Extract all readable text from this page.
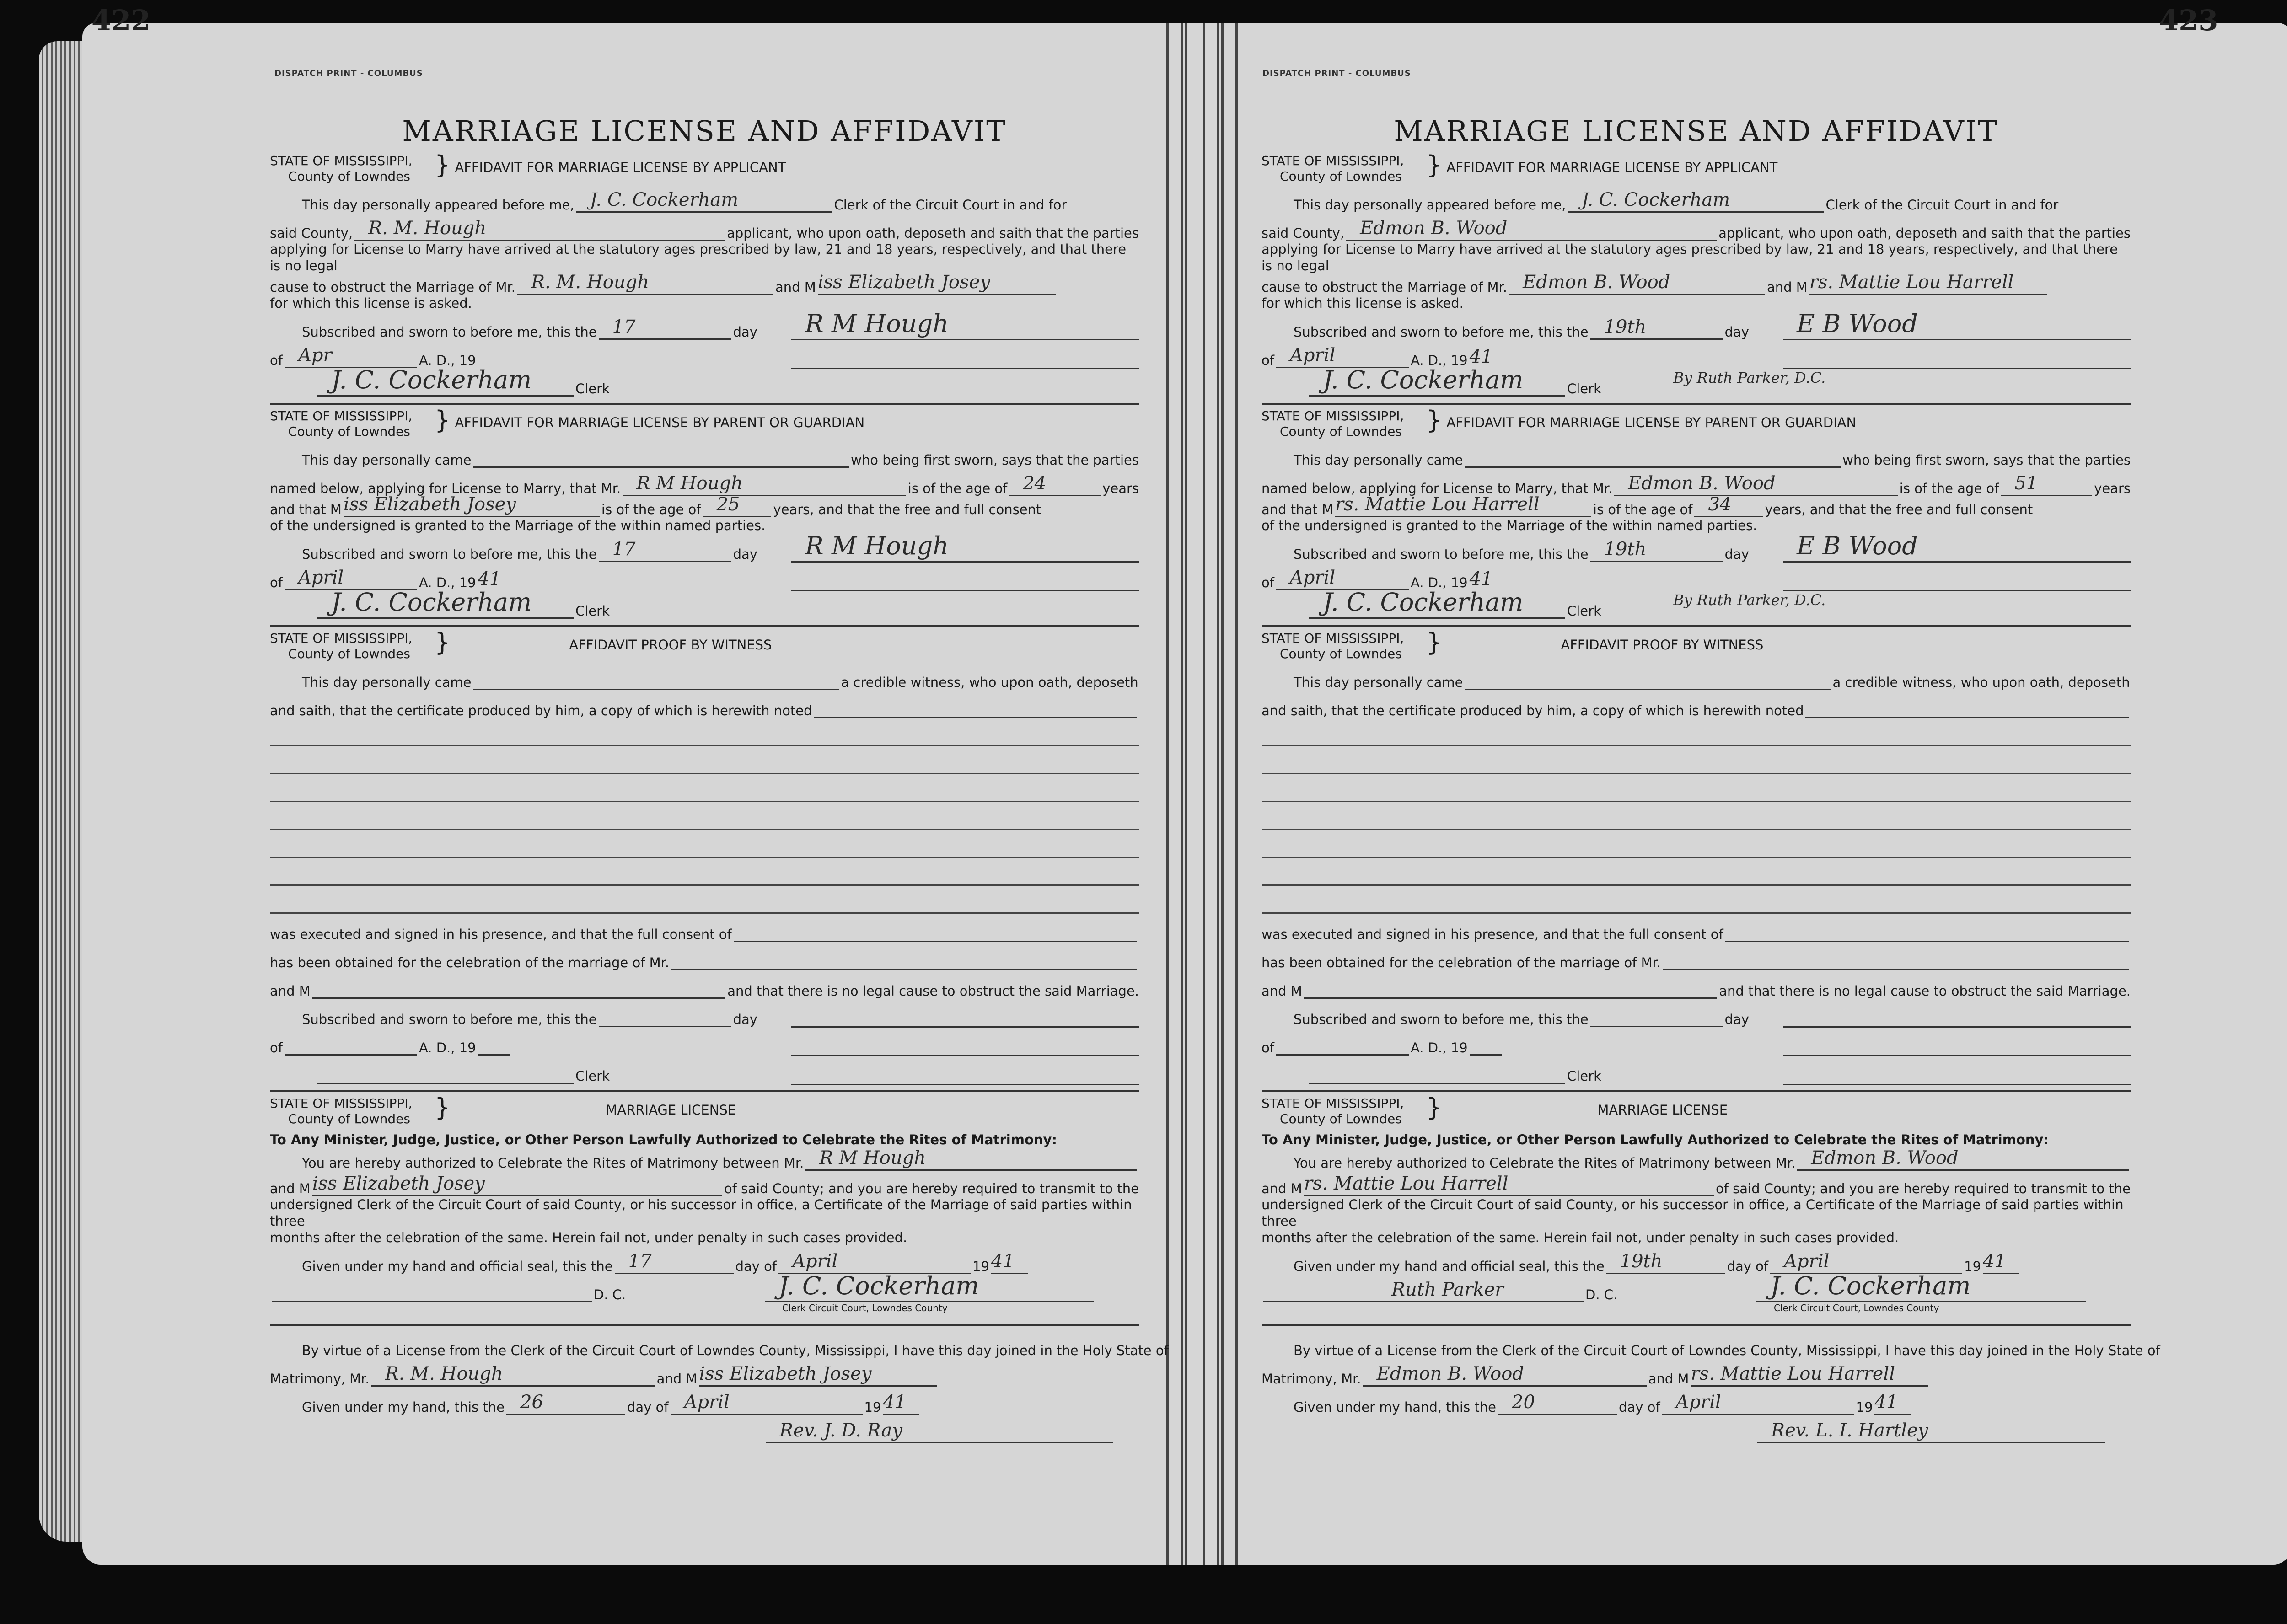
DISPATCH PRINT - COLUMBUS
MARRIAGE LICENSE AND AFFIDAVIT
STATE OF MISSISSIPPI,
County of Lowndes } AFFIDAVIT FOR MARRIAGE LICENSE BY APPLICANT
This day personally appeared before me, J. C. Cockerham	Clerk of the Circuit Court in and for
said County, R. M. Hough	applicant, who upon oath, deposeth and saith that the parties
applying for License to Marry have arrived at the statutory ages prescribed by law, 21 and 18 years, respectively, and that there is no legal
cause to obstruct the Marriage of Mr. R. M. Hough	and M iss Elizabeth Josey
for which this license is asked.
Subscribed and sworn to before me, this the 17	day
of Apr	A. D., 19
J. C. Cockerham	Clerk
R M Hough
STATE OF MISSISSIPPI,
County of Lowndes } AFFIDAVIT FOR MARRIAGE LICENSE BY PARENT OR GUARDIAN
This day personally came	who being first sworn, says that the parties
named below, applying for License to Marry, that Mr. R M Hough	is of the age of 24	years
and that M iss Elizabeth Josey	is of the age of 25	years, and that the free and full consent
of the undersigned is granted to the Marriage of the within named parties.
Subscribed and sworn to before me, this the 17	day
of April	A. D., 19 41
J. C. Cockerham	Clerk
R M Hough
STATE OF MISSISSIPPI,
County of Lowndes }	AFFIDAVIT PROOF BY WITNESS
This day personally came	a credible witness, who upon oath, deposeth
and saith, that the certificate produced by him, a copy of which is herewith noted
was executed and signed in his presence, and that the full consent of
has been obtained for the celebration of the marriage of Mr.
and M	and that there is no legal cause to obstruct the said Marriage.
Subscribed and sworn to before me, this the	day
of	A. D., 19
Clerk
STATE OF MISSISSIPPI,
County of Lowndes }	MARRIAGE LICENSE
To Any Minister, Judge, Justice, or Other Person Lawfully Authorized to Celebrate the Rites of Matrimony:
You are hereby authorized to Celebrate the Rites of Matrimony between Mr. R M Hough
and M iss Elizabeth Josey	of said County; and you are hereby required to transmit to the
undersigned Clerk of the Circuit Court of said County, or his successor in office, a Certificate of the Marriage of said parties within three
months after the celebration of the same. Herein fail not, under penalty in such cases provided.
Given under my hand and official seal, this the 17	day of April	19 41
D. C.	J. C. Cockerham
Clerk Circuit Court, Lowndes County
By virtue of a License from the Clerk of the Circuit Court of Lowndes County, Mississippi, I have this day joined in the Holy State of
Matrimony, Mr. R. M. Hough	and M iss Elizabeth Josey
Given under my hand, this the 26	day of April	19 41
Rev. J. D. Ray
DISPATCH PRINT - COLUMBUS
MARRIAGE LICENSE AND AFFIDAVIT
STATE OF MISSISSIPPI,
County of Lowndes } AFFIDAVIT FOR MARRIAGE LICENSE BY APPLICANT
This day personally appeared before me, J. C. Cockerham	Clerk of the Circuit Court in and for
said County, Edmon B. Wood	applicant, who upon oath, deposeth and saith that the parties
applying for License to Marry have arrived at the statutory ages prescribed by law, 21 and 18 years, respectively, and that there is no legal
cause to obstruct the Marriage of Mr. Edmon B. Wood	and M rs. Mattie Lou Harrell
for which this license is asked.
Subscribed and sworn to before me, this the 19th	day
of April	A. D., 19 41
J. C. Cockerham	Clerk
E B Wood
By Ruth Parker, D.C.
STATE OF MISSISSIPPI,
County of Lowndes } AFFIDAVIT FOR MARRIAGE LICENSE BY PARENT OR GUARDIAN
This day personally came	who being first sworn, says that the parties
named below, applying for License to Marry, that Mr. Edmon B. Wood	is of the age of 51	years
and that M rs. Mattie Lou Harrell	is of the age of 34	years, and that the free and full consent
of the undersigned is granted to the Marriage of the within named parties.
Subscribed and sworn to before me, this the 19th	day
of April	A. D., 19 41
J. C. Cockerham	Clerk
E B Wood
By Ruth Parker, D.C.
STATE OF MISSISSIPPI,
County of Lowndes }	AFFIDAVIT PROOF BY WITNESS
This day personally came	a credible witness, who upon oath, deposeth
and saith, that the certificate produced by him, a copy of which is herewith noted
was executed and signed in his presence, and that the full consent of
has been obtained for the celebration of the marriage of Mr.
and M	and that there is no legal cause to obstruct the said Marriage.
Subscribed and sworn to before me, this the	day
of	A. D., 19
Clerk
STATE OF MISSISSIPPI,
County of Lowndes }	MARRIAGE LICENSE
To Any Minister, Judge, Justice, or Other Person Lawfully Authorized to Celebrate the Rites of Matrimony:
You are hereby authorized to Celebrate the Rites of Matrimony between Mr. Edmon B. Wood
and M rs. Mattie Lou Harrell	of said County; and you are hereby required to transmit to the
undersigned Clerk of the Circuit Court of said County, or his successor in office, a Certificate of the Marriage of said parties within three
months after the celebration of the same. Herein fail not, under penalty in such cases provided.
Given under my hand and official seal, this the 19th	day of April	19 41
Ruth Parker	D. C.	J. C. Cockerham
Clerk Circuit Court, Lowndes County
By virtue of a License from the Clerk of the Circuit Court of Lowndes County, Mississippi, I have this day joined in the Holy State of
Matrimony, Mr. Edmon B. Wood	and M rs. Mattie Lou Harrell
Given under my hand, this the 20	day of April	19 41
Rev. L. I. Hartley
422	423
